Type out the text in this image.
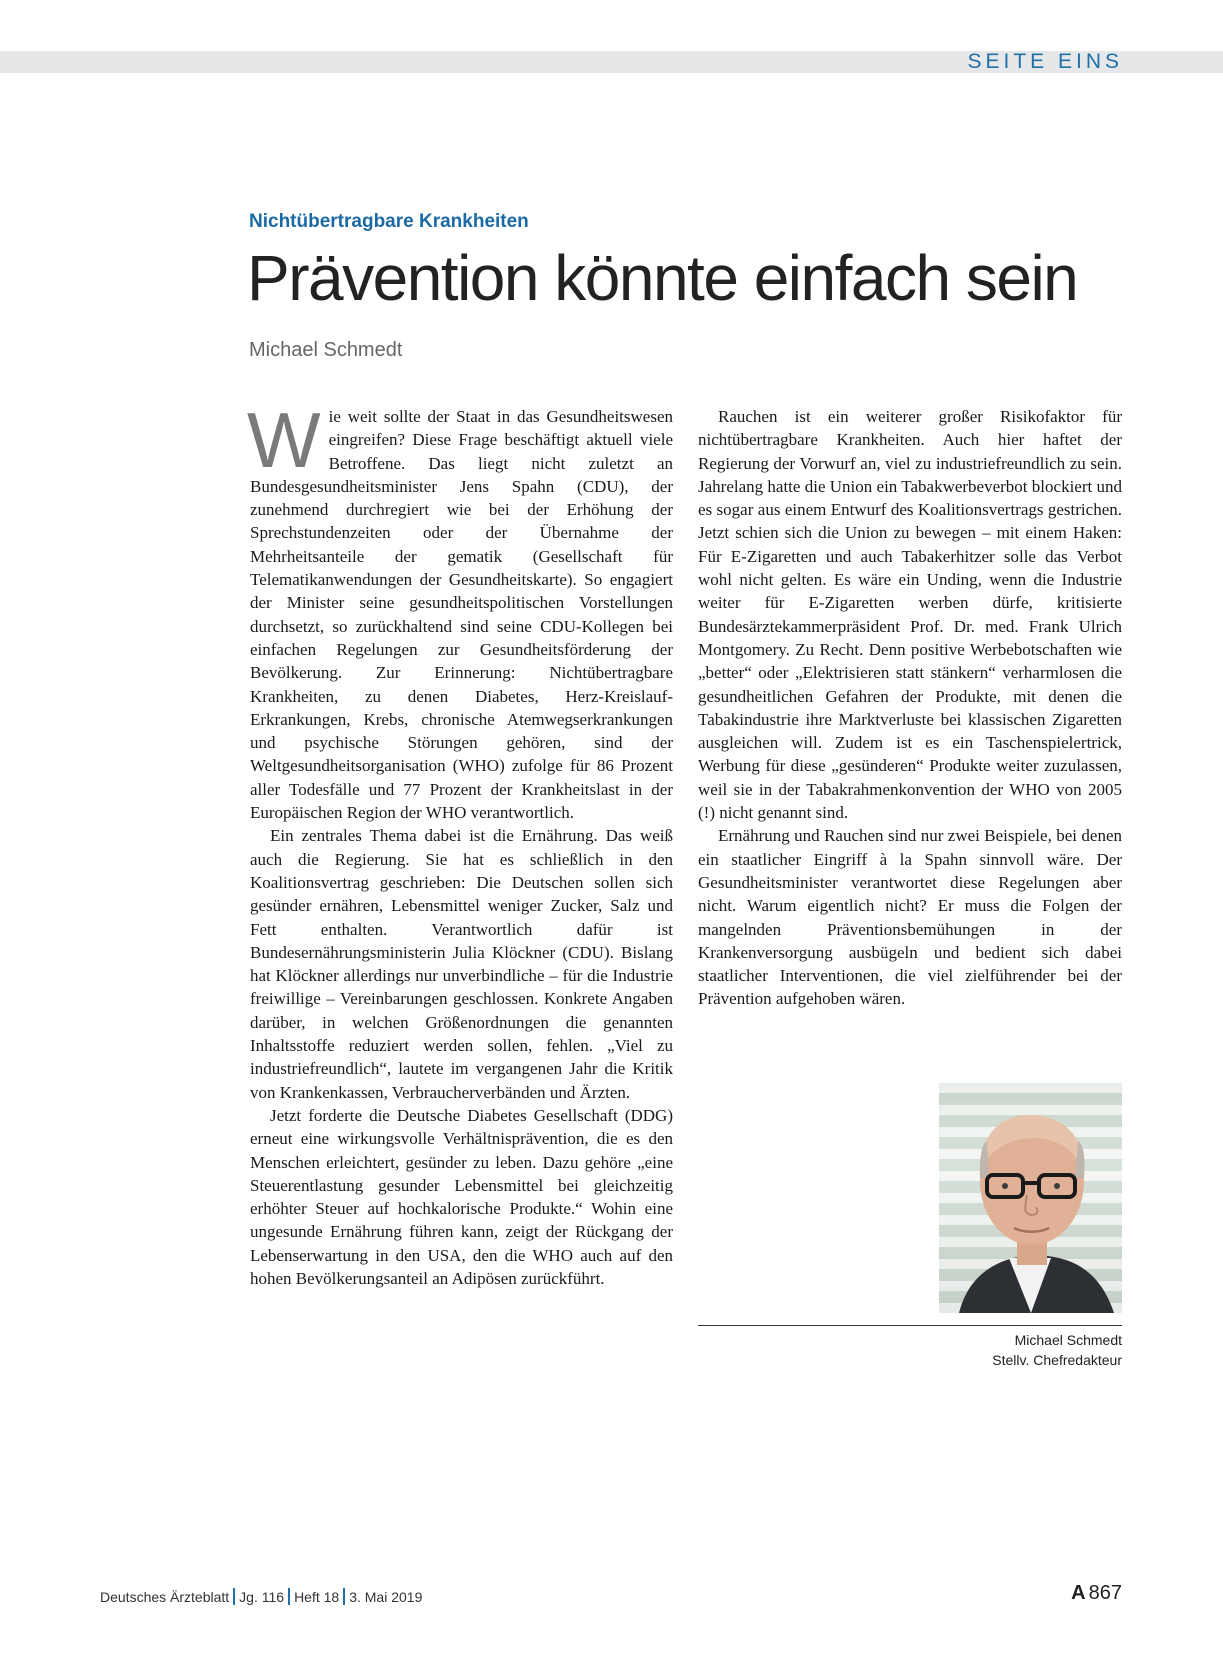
SEITE EINS
Nichtübertragbare Krankheiten
Prävention könnte einfach sein
Michael Schmedt

Wie weit sollte der Staat in das Gesundheitswesen eingreifen? Diese Frage beschäftigt aktuell viele Betroffene. Das liegt nicht zuletzt an Bundesgesundheitsminister Jens Spahn (CDU), der zunehmend durchregiert wie bei der Erhöhung der Sprechstundenzeiten oder der Übernahme der Mehrheitsanteile der gematik (Gesellschaft für Telematikanwendungen der Gesundheitskarte). So engagiert der Minister seine gesundheitspolitischen Vorstellungen durchsetzt, so zurückhaltend sind seine CDU-Kollegen bei einfachen Regelungen zur Gesundheitsförderung der Bevölkerung. Zur Erinnerung: Nichtübertragbare Krankheiten, zu denen Diabetes, Herz-Kreislauf-Erkrankungen, Krebs, chronische Atemwegserkrankungen und psychische Störungen gehören, sind der Weltgesundheitsorganisation (WHO) zufolge für 86 Prozent aller Todesfälle und 77 Prozent der Krankheitslast in der Europäischen Region der WHO verantwortlich.

Ein zentrales Thema dabei ist die Ernährung. Das weiß auch die Regierung. Sie hat es schließlich in den Koalitionsvertrag geschrieben: Die Deutschen sollen sich gesünder ernähren, Lebensmittel weniger Zucker, Salz und Fett enthalten. Verantwortlich dafür ist Bundesernährungsministerin Julia Klöckner (CDU). Bislang hat Klöckner allerdings nur unverbindliche – für die Industrie freiwillige – Vereinbarungen geschlossen. Konkrete Angaben darüber, in welchen Größenordnungen die genannten Inhaltsstoffe reduziert werden sollen, fehlen. „Viel zu industriefreundlich“, lautete im vergangenen Jahr die Kritik von Krankenkassen, Verbraucherverbänden und Ärzten.

Jetzt forderte die Deutsche Diabetes Gesellschaft (DDG) erneut eine wirkungsvolle Verhältnisprävention, die es den Menschen erleichtert, gesünder zu leben. Dazu gehöre „eine Steuerentlastung gesunder Lebensmittel bei gleichzeitig erhöhter Steuer auf hochkalorische Produkte.“ Wohin eine ungesunde Ernährung führen kann, zeigt der Rückgang der Lebenserwartung in den USA, den die WHO auch auf den hohen Bevölkerungsanteil an Adipösen zurückführt.

Rauchen ist ein weiterer großer Risikofaktor für nichtübertragbare Krankheiten. Auch hier haftet der Regierung der Vorwurf an, viel zu industriefreundlich zu sein. Jahrelang hatte die Union ein Tabakwerbeverbot blockiert und es sogar aus einem Entwurf des Koalitionsvertrags gestrichen. Jetzt schien sich die Union zu bewegen – mit einem Haken: Für E-Zigaretten und auch Tabakerhitzer solle das Verbot wohl nicht gelten. Es wäre ein Unding, wenn die Industrie weiter für E-Zigaretten werben dürfe, kritisierte Bundesärztekammerpräsident Prof. Dr. med. Frank Ulrich Montgomery. Zu Recht. Denn positive Werbebotschaften wie „better“ oder „Elektrisieren statt stänkern“ verharmlosen die gesundheitlichen Gefahren der Produkte, mit denen die Tabakindustrie ihre Marktverluste bei klassischen Zigaretten ausgleichen will. Zudem ist es ein Taschenspielertrick, Werbung für diese „gesünderen“ Produkte weiter zuzulassen, weil sie in der Tabakrahmenkonvention der WHO von 2005 (!) nicht genannt sind.

Ernährung und Rauchen sind nur zwei Beispiele, bei denen ein staatlicher Eingriff à la Spahn sinnvoll wäre. Der Gesundheitsminister verantwortet diese Regelungen aber nicht. Warum eigentlich nicht? Er muss die Folgen der mangelnden Präventionsbemühungen in der Krankenversorgung ausbügeln und bedient sich dabei staatlicher Interventionen, die viel zielführender bei der Prävention aufgehoben wären.

Michael Schmedt
Stellv. Chefredakteur
Deutsches Ärzteblatt Jg. 116 Heft 18 3. Mai 2019	A 867
